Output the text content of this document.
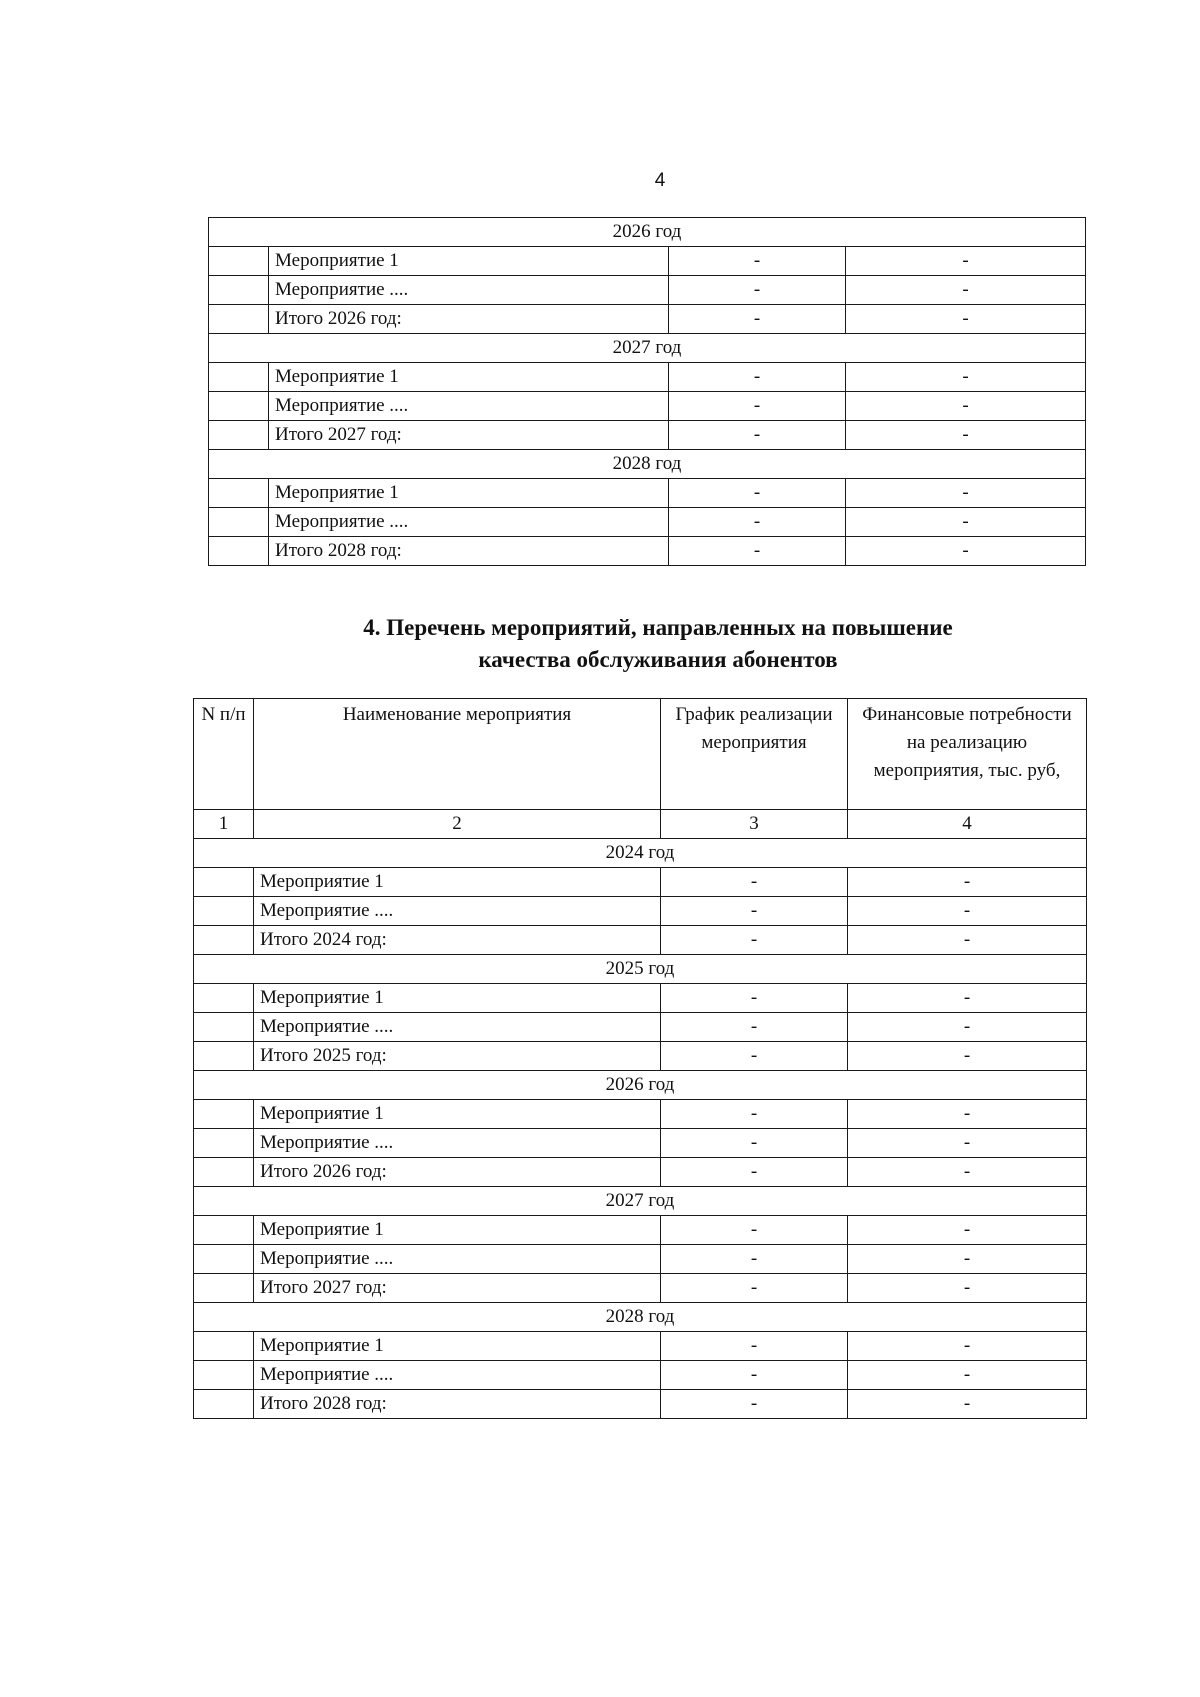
4
2026 год			
	Мероприятие 1	-	-
	Мероприятие ....	-	-
	Итого 2026 год:	-	-
2027 год			
	Мероприятие 1	-	-
	Мероприятие ....	-	-
	Итого 2027 год:	-	-
2028 год			
	Мероприятие 1	-	-
	Мероприятие ....	-	-
	Итого 2028 год:	-	-
4. Перечень мероприятий, направленных на повышение
качества обслуживания абонентов
N п/п	Наименование мероприятия	График реализации мероприятия	Финансовые потребности на реализацию мероприятия, тыс. руб,
1	2	3	4
2024 год			
	Мероприятие 1	-	-
	Мероприятие ....	-	-
	Итого 2024 год:	-	-
2025 год			
	Мероприятие 1	-	-
	Мероприятие ....	-	-
	Итого 2025 год:	-	-
2026 год			
	Мероприятие 1	-	-
	Мероприятие ....	-	-
	Итого 2026 год:	-	-
2027 год			
	Мероприятие 1	-	-
	Мероприятие ....	-	-
	Итого 2027 год:	-	-
2028 год			
	Мероприятие 1	-	-
	Мероприятие ....	-	-
	Итого 2028 год:	-	-
